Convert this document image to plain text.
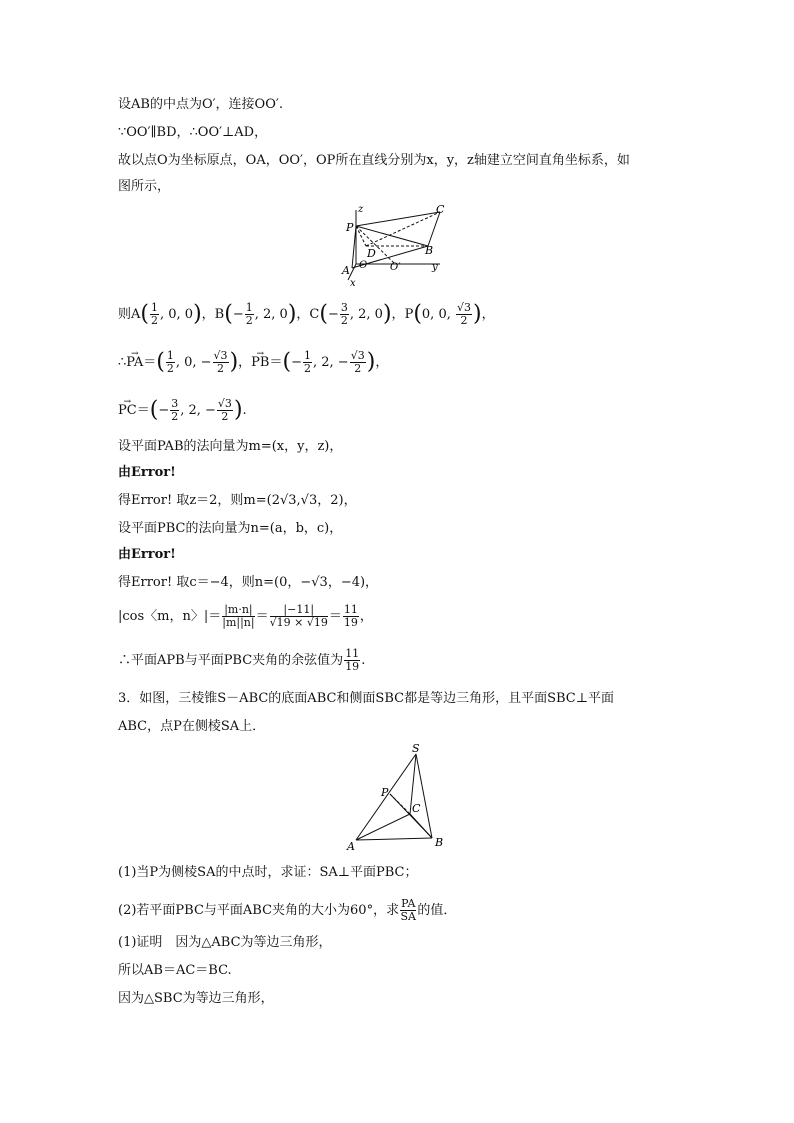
设AB的中点为O′，连接OO′.
∵OO′∥BD，∴OO′⊥AD，
故以点O为坐标原点，OA，OO′，OP所在直线分别为x，y，z轴建立空间直角坐标系，如
图所示，
z
P
C
D	B
O O′	y
A
x
则$A( \frac{1}{2}$ , 0, 0)，$B(- \frac{1}{2}$ , 2, 0)，$C(- \frac{3}{2}$ , 2, 0)，P(0, 0, $\frac{√3}{2}$ )，
∴→ $PA=( \frac{1}{2}$ , 0, − $\frac{√3}{2}$ )，→ $PB=(- \frac{1}{2}$ , 2, − $\frac{√3}{2}$ )，
→ $PC=(- \frac{3}{2}$ , 2, − $\frac{√3}{2}$ ).
设平面PAB的法向量为m=(x，y，z)，
由Error!
得Error! 取z＝2，则m=(2√3,√3，2)，
设平面PBC的法向量为n=(a，b，c)，
由Error!
得Error! 取c＝−4，则n=(0，−√3，−4)，
|cos〈m，n〉|＝ $\frac{|m\cdot n|}{|m||n|} = \frac{|-11|}{√19 \times √19} = \frac{11}{19}$ ，
∴平面APB与平面PBC夹角的余弦值为 $\frac{11}{19}$ .
3．如图，三棱锥S－ABC的底面ABC和侧面SBC都是等边三角形，且平面SBC⊥平面
ABC，点P在侧棱SA上．
S
P
C
A	B
(1)当P为侧棱SA的中点时，求证：SA⊥平面PBC；
(2)若平面PBC与平面ABC夹角的大小为60°，求 $\frac{PA}{SA}$ 的值．
(1)证明　因为△ABC为等边三角形，
所以AB＝AC＝BC.
因为△SBC为等边三角形，
